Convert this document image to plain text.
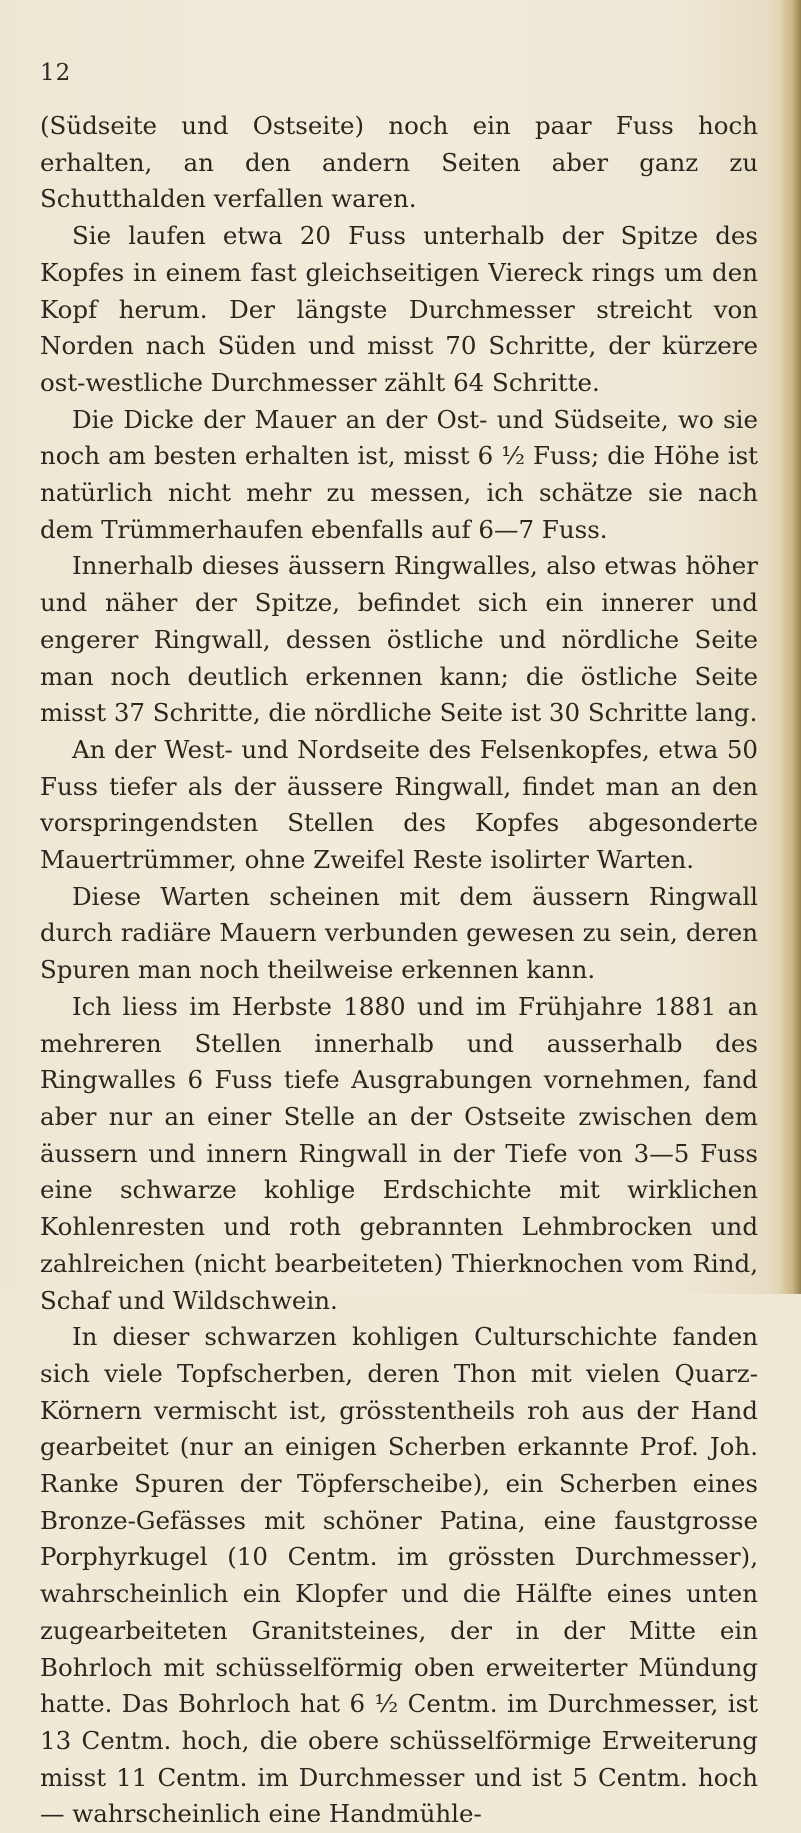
12

(Südseite und Ostseite) noch ein paar Fuss hoch erhalten, an den andern Seiten aber ganz zu Schutthalden verfallen waren.

Sie laufen etwa 20 Fuss unterhalb der Spitze des Kopfes in einem fast gleichseitigen Viereck rings um den Kopf herum. Der längste Durchmesser streicht von Norden nach Süden und misst 70 Schritte, der kürzere ost-westliche Durchmesser zählt 64 Schritte.

Die Dicke der Mauer an der Ost- und Südseite, wo sie noch am besten erhalten ist, misst 6 ½ Fuss; die Höhe ist natürlich nicht mehr zu messen, ich schätze sie nach dem Trümmerhaufen ebenfalls auf 6—7 Fuss.

Innerhalb dieses äussern Ringwalles, also etwas höher und näher der Spitze, befindet sich ein innerer und engerer Ringwall, dessen östliche und nördliche Seite man noch deutlich erkennen kann; die östliche Seite misst 37 Schritte, die nördliche Seite ist 30 Schritte lang.

An der West- und Nordseite des Felsenkopfes, etwa 50 Fuss tiefer als der äussere Ringwall, findet man an den vorspringendsten Stellen des Kopfes abgesonderte Mauertrümmer, ohne Zweifel Reste isolirter Warten.

Diese Warten scheinen mit dem äussern Ringwall durch radiäre Mauern verbunden gewesen zu sein, deren Spuren man noch theilweise erkennen kann.

Ich liess im Herbste 1880 und im Frühjahre 1881 an mehreren Stellen innerhalb und ausserhalb des Ringwalles 6 Fuss tiefe Ausgrabungen vornehmen, fand aber nur an einer Stelle an der Ostseite zwischen dem äussern und innern Ringwall in der Tiefe von 3—5 Fuss eine schwarze kohlige Erdschichte mit wirklichen Kohlenresten und roth gebrannten Lehmbrocken und zahlreichen (nicht bearbeiteten) Thierknochen vom Rind, Schaf und Wildschwein.

In dieser schwarzen kohligen Culturschichte fanden sich viele Topfscherben, deren Thon mit vielen Quarz-Körnern vermischt ist, grösstentheils roh aus der Hand gearbeitet (nur an einigen Scherben erkannte Prof. Joh. Ranke Spuren der Töpferscheibe), ein Scherben eines Bronze-Gefässes mit schöner Patina, eine faustgrosse Porphyrkugel (10 Centm. im grössten Durchmesser), wahrscheinlich ein Klopfer und die Hälfte eines unten zugearbeiteten Granitsteines, der in der Mitte ein Bohrloch mit schüsselförmig oben erweiterter Mündung hatte. Das Bohrloch hat 6 ½ Centm. im Durchmesser, ist 13 Centm. hoch, die obere schüsselförmige Erweiterung misst 11 Centm. im Durchmesser und ist 5 Centm. hoch — wahrscheinlich eine Handmühle-
